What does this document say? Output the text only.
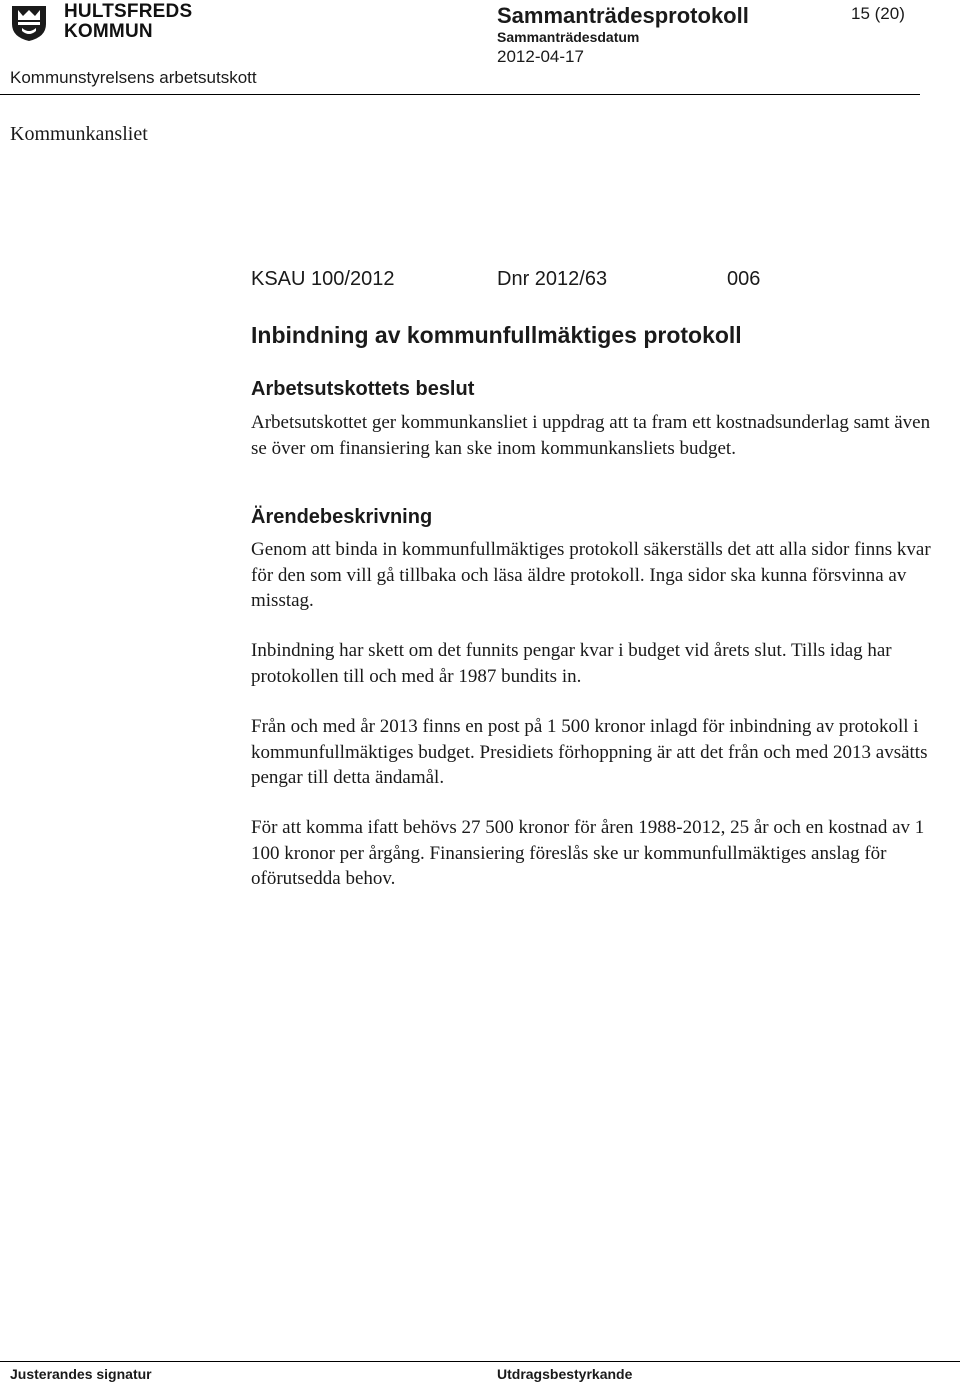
HULTSFREDS
KOMMUN
Kommunstyrelsens arbetsutskott
Sammanträdesprotokoll
Sammanträdesdatum
2012-04-17
15 (20)
Kommunkansliet
KSAU 100/2012	Dnr 2012/63	006
Inbindning av kommunfullmäktiges protokoll
Arbetsutskottets beslut
Arbetsutskottet ger kommunkansliet i uppdrag att ta fram ett kostnadsunderlag samt även se över om finansiering kan ske inom kommunkansliets budget.
Ärendebeskrivning
Genom att binda in kommunfullmäktiges protokoll säkerställs det att alla sidor finns kvar för den som vill gå tillbaka och läsa äldre protokoll. Inga sidor ska kunna försvinna av misstag.
Inbindning har skett om det funnits pengar kvar i budget vid årets slut. Tills idag har protokollen till och med år 1987 bundits in.
Från och med år 2013 finns en post på 1 500 kronor inlagd för inbindning av protokoll i kommunfullmäktiges budget. Presidiets förhoppning är att det från och med 2013 avsätts pengar till detta ändamål.
För att komma ifatt behövs 27 500 kronor för åren 1988-2012, 25 år och en kostnad av 1 100 kronor per årgång. Finansiering föreslås ske ur kommunfullmäktiges anslag för oförutsedda behov.
Justerandes signatur	Utdragsbestyrkande
